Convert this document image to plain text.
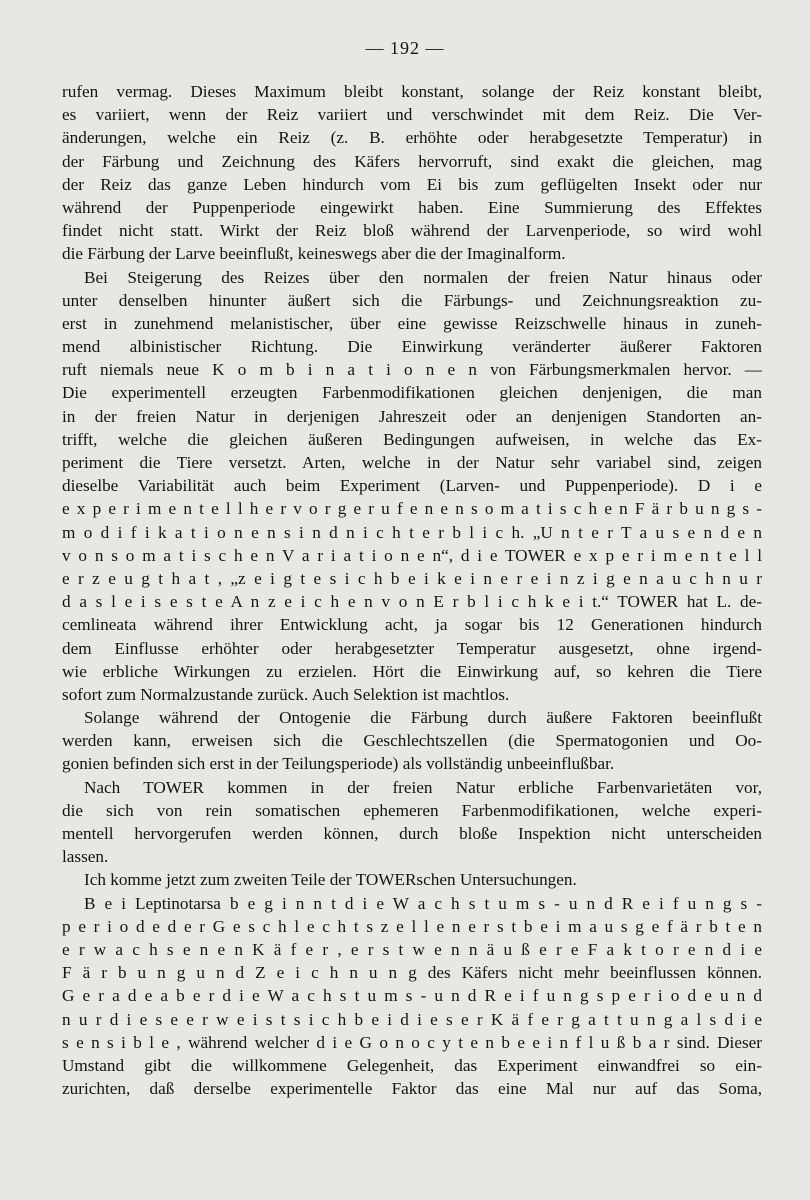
— 192 —
rufen vermag. Dieses Maximum bleibt konstant, solange der Reiz konstant bleibt,
es variiert, wenn der Reiz variiert und verschwindet mit dem Reiz. Die Ver-
änderungen, welche ein Reiz (z. B. erhöhte oder herabgesetzte Temperatur) in
der Färbung und Zeichnung des Käfers hervorruft, sind exakt die gleichen, mag
der Reiz das ganze Leben hindurch vom Ei bis zum geflügelten Insekt oder nur
während der Puppenperiode eingewirkt haben. Eine Summierung des Effektes
findet nicht statt. Wirkt der Reiz bloß während der Larvenperiode, so wird wohl
die Färbung der Larve beeinflußt, keineswegs aber die der Imaginalform.
Bei Steigerung des Reizes über den normalen der freien Natur hinaus oder
unter denselben hinunter äußert sich die Färbungs- und Zeichnungsreaktion zu-
erst in zunehmend melanistischer, über eine gewisse Reizschwelle hinaus in zuneh-
mend albinistischer Richtung. Die Einwirkung veränderter äußerer Faktoren
ruft niemals neue K o m b i n a t i o n e n von Färbungsmerkmalen hervor. —
Die experimentell erzeugten Farbenmodifikationen gleichen denjenigen, die man
in der freien Natur in derjenigen Jahreszeit oder an denjenigen Standorten an-
trifft, welche die gleichen äußeren Bedingungen aufweisen, in welche das Ex-
periment die Tiere versetzt. Arten, welche in der Natur sehr variabel sind, zeigen
dieselbe Variabilität auch beim Experiment (Larven- und Puppenperiode). D i e
e x p e r i m e n t e l l h e r v o r g e r u f e n e n s o m a t i s c h e n F ä r b u n g s -
m o d i f i k a t i o n e n s i n d n i c h t e r b l i c h. „U n t e r T a u s e n d e n
v o n s o m a t i s c h e n V a r i a t i o n e n“, d i e TOWER e x p e r i m e n t e l l
e r z e u g t h a t , „z e i g t e s i c h b e i k e i n e r e i n z i g e n a u c h n u r
d a s l e i s e s t e A n z e i c h e n v o n E r b l i c h k e i t.“ TOWER hat L. de-
cemlineata während ihrer Entwicklung acht, ja sogar bis 12 Generationen hindurch
dem Einflusse erhöhter oder herabgesetzter Temperatur ausgesetzt, ohne irgend-
wie erbliche Wirkungen zu erzielen. Hört die Einwirkung auf, so kehren die Tiere
sofort zum Normalzustande zurück. Auch Selektion ist machtlos.
Solange während der Ontogenie die Färbung durch äußere Faktoren beeinflußt
werden kann, erweisen sich die Geschlechtszellen (die Spermatogonien und Oo-
gonien befinden sich erst in der Teilungsperiode) als vollständig unbeeinflußbar.
Nach TOWER kommen in der freien Natur erbliche Farbenvarietäten vor,
die sich von rein somatischen ephemeren Farbenmodifikationen, welche experi-
mentell hervorgerufen werden können, durch bloße Inspektion nicht unterscheiden
lassen.
Ich komme jetzt zum zweiten Teile der TOWERschen Untersuchungen.
B e i Leptinotarsa b e g i n n t d i e W a c h s t u m s - u n d R e i f u n g s -
p e r i o d e d e r G e s c h l e c h t s z e l l e n e r s t b e i m a u s g e f ä r b t e n
e r w a c h s e n e n K ä f e r , e r s t w e n n ä u ß e r e F a k t o r e n d i e
F ä r b u n g u n d Z e i c h n u n g des Käfers nicht mehr beeinflussen können.
G e r a d e a b e r d i e W a c h s t u m s - u n d R e i f u n g s p e r i o d e u n d
n u r d i e s e e r w e i s t s i c h b e i d i e s e r K ä f e r g a t t u n g a l s d i e
s e n s i b l e , während welcher d i e G o n o c y t e n b e e i n f l u ß b a r sind. Dieser
Umstand gibt die willkommene Gelegenheit, das Experiment einwandfrei so ein-
zurichten, daß derselbe experimentelle Faktor das eine Mal nur auf das Soma,
